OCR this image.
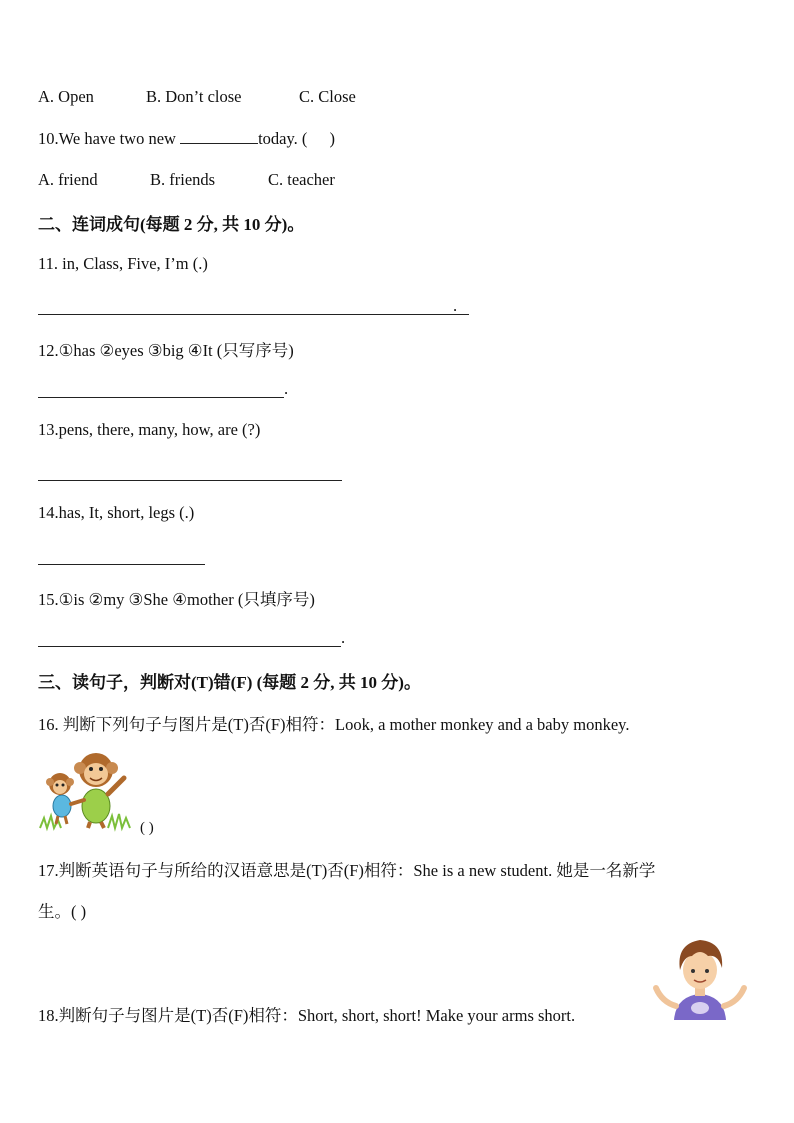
A. Open	B. Don’t close	C. Close
10.We have two new	today. ( )
A. friend	B. friends	C. teacher
二、连词成句(每题 2 分, 共 10 分)。
11. in, Class, Five, I’m (.)
.
12.①has ②eyes ③big ④It (只写序号)
.
13.pens, there, many, how, are (?)
14.has, It, short, legs (.)
15.①is ②my ③She ④mother (只填序号)
.
三、读句子，判断对(T)错(F) (每题 2 分, 共 10 分)。
16. 判断下列句子与图片是(T)否(F)相符：Look, a mother monkey and a baby monkey.
( )
17.判断英语句子与所给的汉语意思是(T)否(F)相符：She is a new student. 她是一名新学
生。( )
18.判断句子与图片是(T)否(F)相符：Short, short, short! Make your arms short.
